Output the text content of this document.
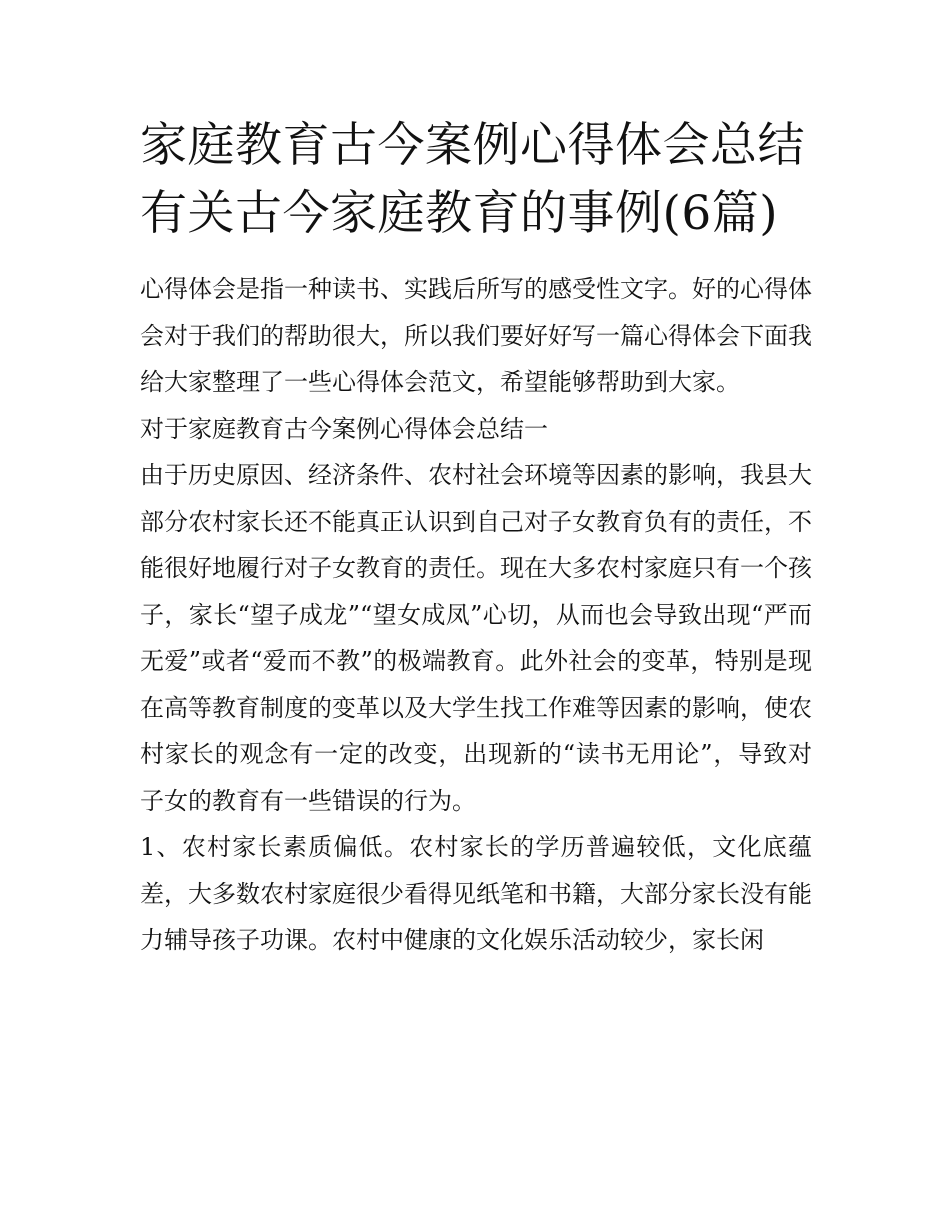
家庭教育古今案例心得体会总结 有关古今家庭教育的事例(6篇)

心得体会是指一种读书、实践后所写的感受性文字。好的心得体会对于我们的帮助很大，所以我们要好好写一篇心得体会下面我给大家整理了一些心得体会范文，希望能够帮助到大家。

对于家庭教育古今案例心得体会总结一

由于历史原因、经济条件、农村社会环境等因素的影响，我县大部分农村家长还不能真正认识到自己对子女教育负有的责任，不能很好地履行对子女教育的责任。现在大多农村家庭只有一个孩子，家长“望子成龙”“望女成凤”心切，从而也会导致出现“严而无爱”或者“爱而不教”的极端教育。此外社会的变革，特别是现在高等教育制度的变革以及大学生找工作难等因素的影响，使农村家长的观念有一定的改变，出现新的“读书无用论”，导致对子女的教育有一些错误的行为。

1、农村家长素质偏低。农村家长的学历普遍较低，文化底蕴差，大多数农村家庭很少看得见纸笔和书籍，大部分家长没有能力辅导孩子功课。农村中健康的文化娱乐活动较少，家长闲
